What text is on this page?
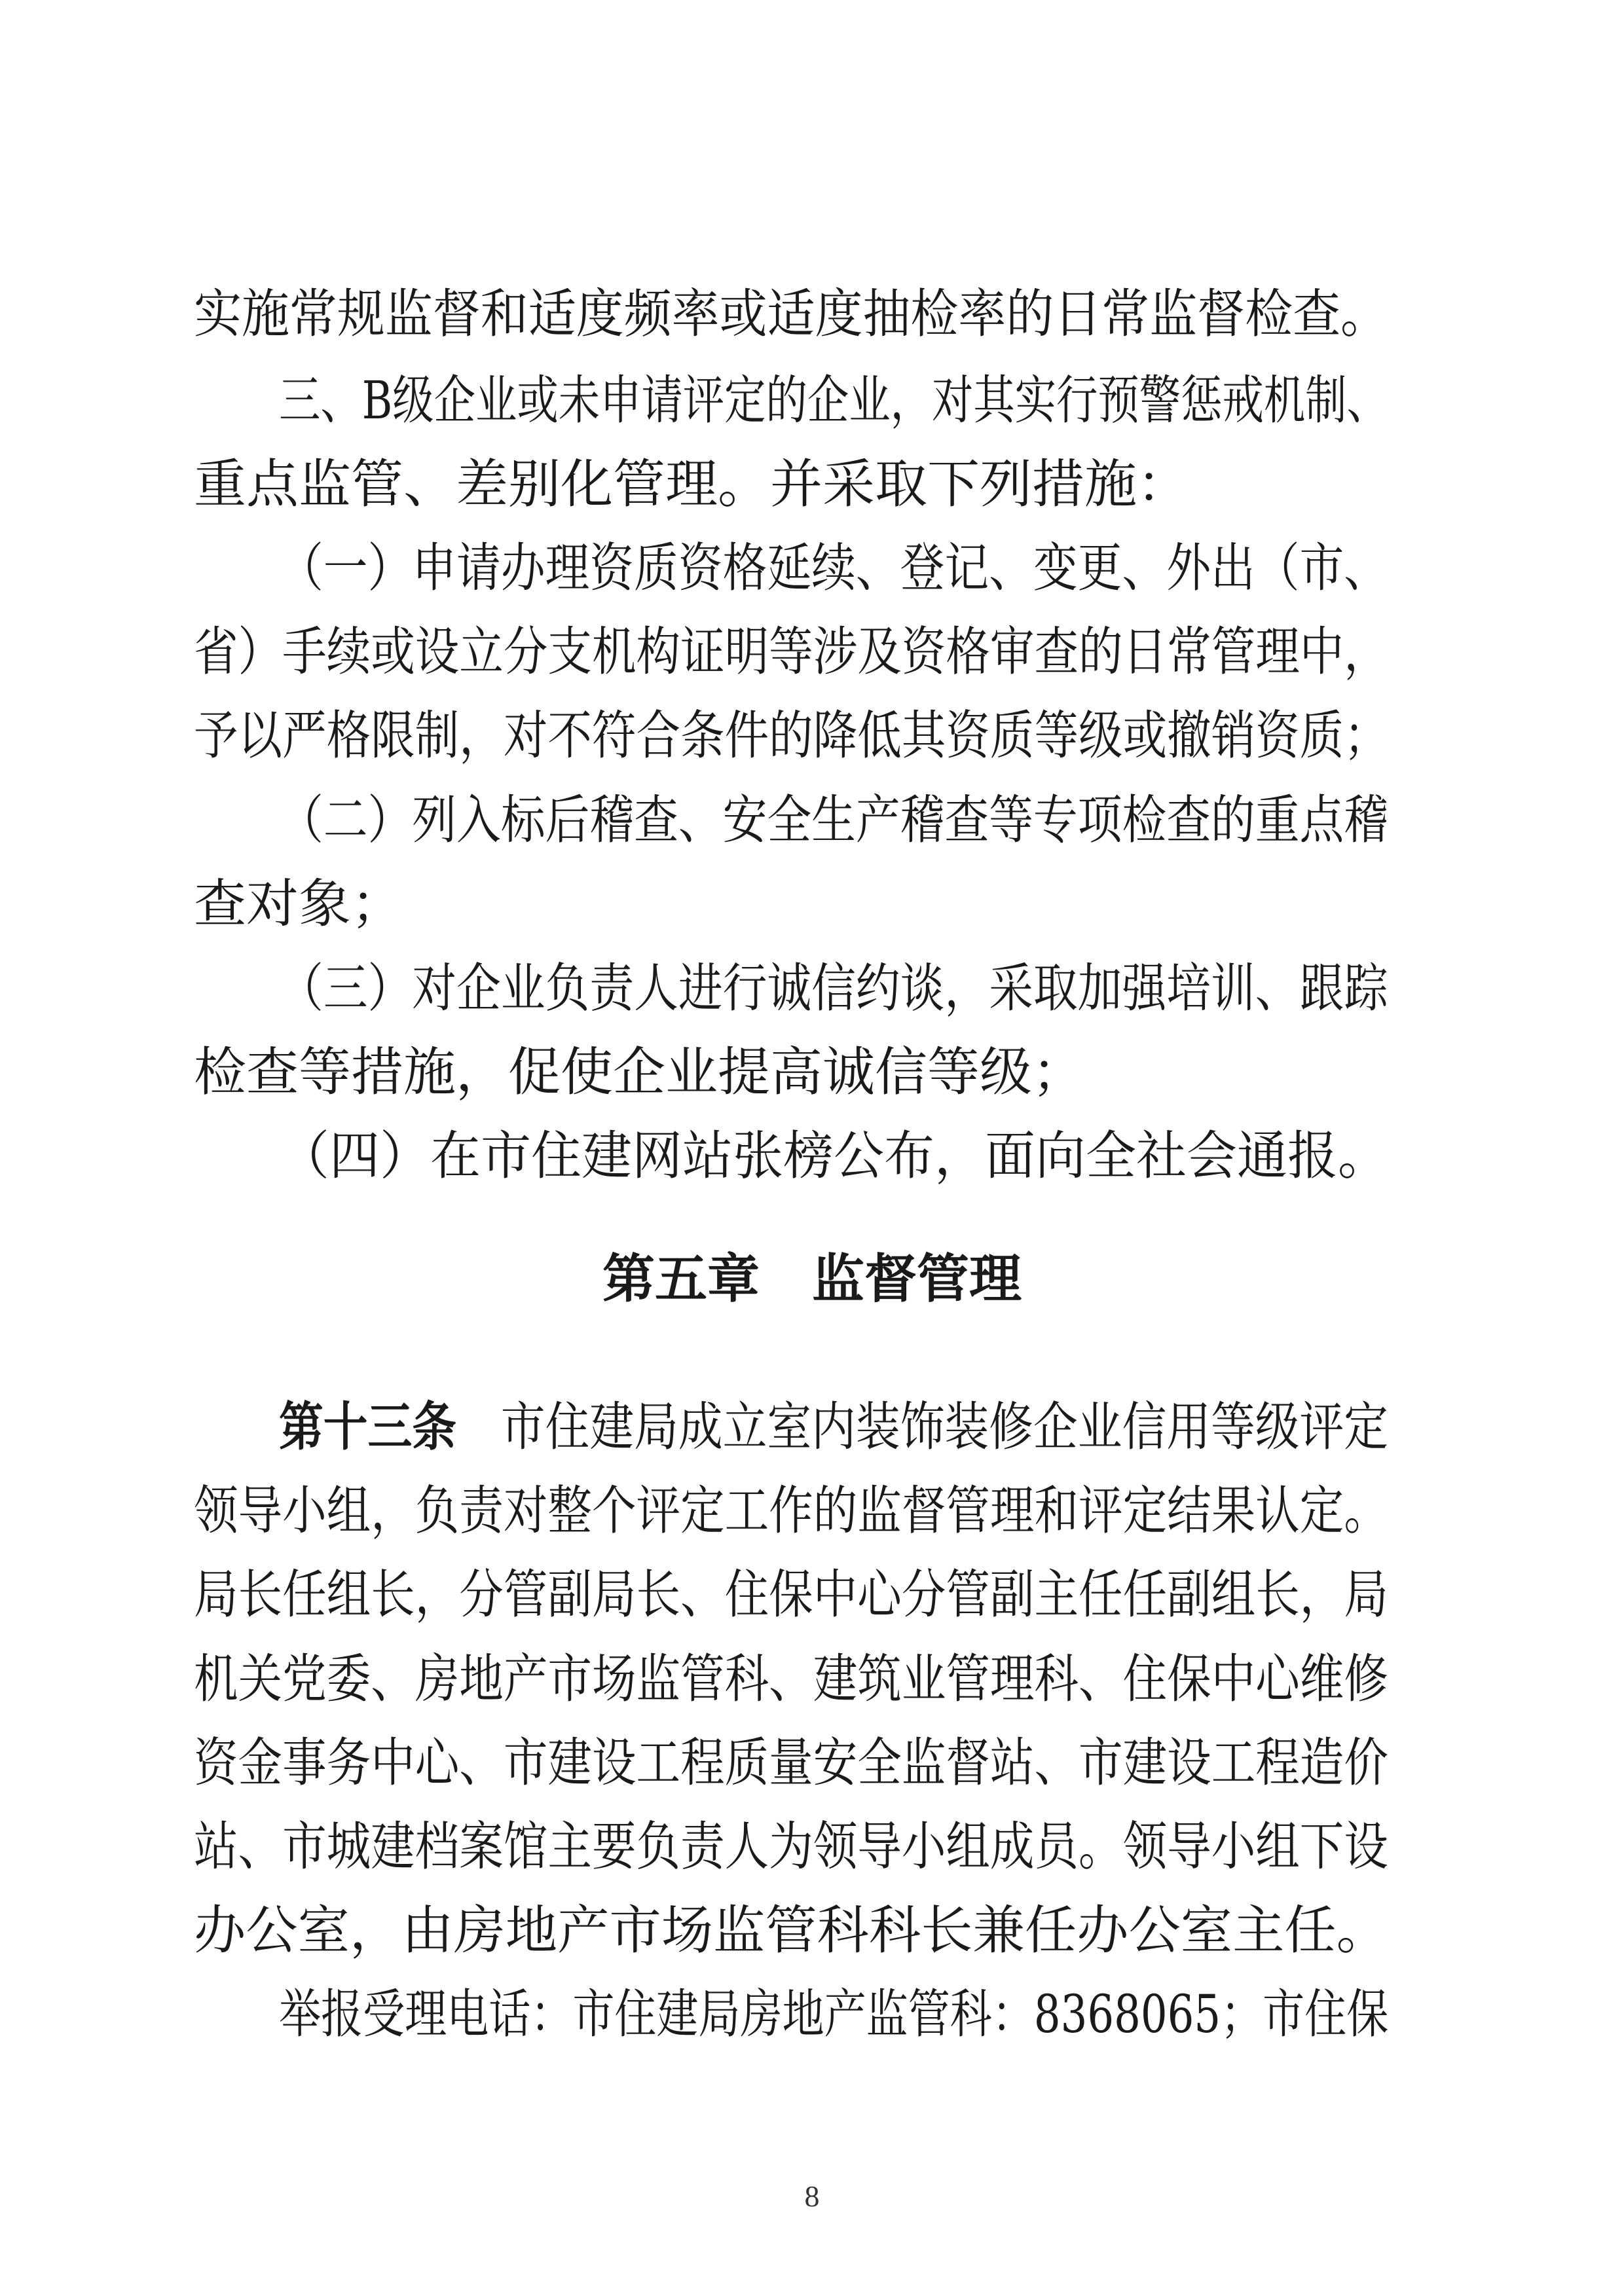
实施常规监督和适度频率或适度抽检率的日常监督检查。
三、B级企业或未申请评定的企业，对其实行预警惩戒机制、
重点监管、差别化管理。并采取下列措施：
（一）申请办理资质资格延续、登记、变更、外出（市、
省）手续或设立分支机构证明等涉及资格审查的日常管理中，
予以严格限制，对不符合条件的降低其资质等级或撤销资质；
（二）列入标后稽查、安全生产稽查等专项检查的重点稽
查对象；
（三）对企业负责人进行诚信约谈，采取加强培训、跟踪
检查等措施，促使企业提高诚信等级；
（四）在市住建网站张榜公布，面向全社会通报。
第五章　监督管理
第十三条　市住建局成立室内装饰装修企业信用等级评定
领导小组，负责对整个评定工作的监督管理和评定结果认定。
局长任组长，分管副局长、住保中心分管副主任任副组长，局
机关党委、房地产市场监管科、建筑业管理科、住保中心维修
资金事务中心、市建设工程质量安全监督站、市建设工程造价
站、市城建档案馆主要负责人为领导小组成员。领导小组下设
办公室，由房地产市场监管科科长兼任办公室主任。
举报受理电话：市住建局房地产监管科：8368065；市住保
8
